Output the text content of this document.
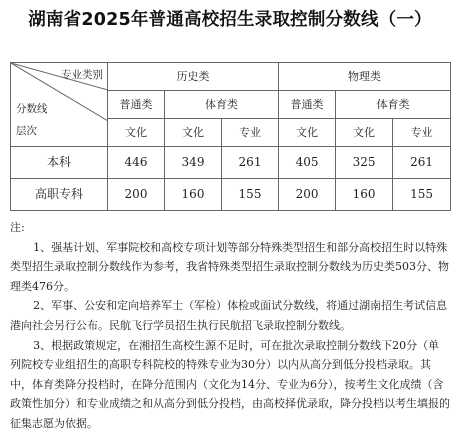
湖南省2025年普通高校招生录取控制分数线（一）
专业类别
分数线
层次	历史类			物理类		
	普通类	体育类		普通类	体育类	
	文化	文化	专业	文化	文化	专业
本科	446	349	261	405	325	261
高职专科	200	160	155	200	160	155

注:

1、强基计划、军事院校和高校专项计划等部分特殊类型招生和部分高校招生时以特殊类型招生录取控制分数线作为参考，我省特殊类型招生录取控制分数线为历史类503分、物理类476分。

2、军事、公安和定向培养军士（军检）体检或面试分数线，将通过湖南招生考试信息港向社会另行公布。民航飞行学员招生执行民航招飞录取控制分数线。

3、根据政策规定，在湘招生高校生源不足时，可在批次录取控制分数线下20分（单列院校专业组招生的高职专科院校的特殊专业为30分）以内从高分到低分投档录取。其中，体育类降分投档时，在降分范围内（文化为14分、专业为6分），按考生文化成绩（含政策性加分）和专业成绩之和从高分到低分投档，由高校择优录取，降分投档以考生填报的征集志愿为依据。
